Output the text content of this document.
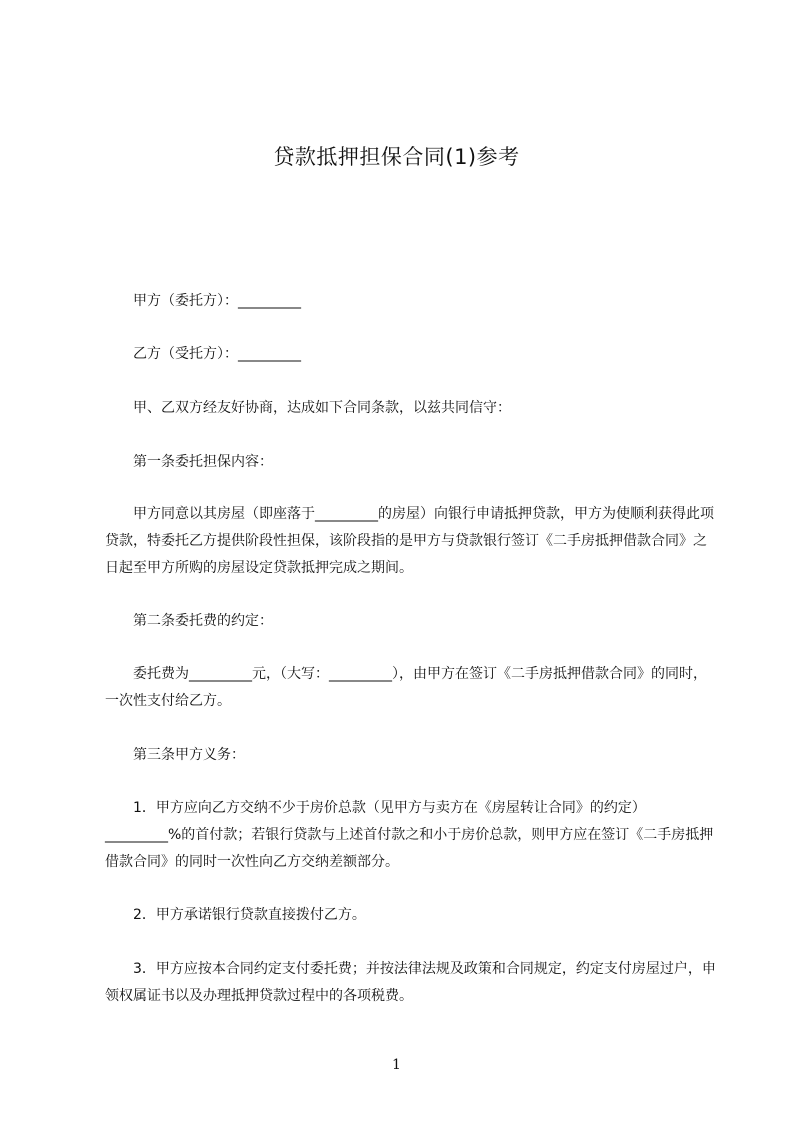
贷款抵押担保合同(1)参考

　　甲方（委托方）：_________

　　乙方（受托方）：_________

　　甲、乙双方经友好协商，达成如下合同条款，以兹共同信守：

　　第一条委托担保内容：

　　甲方同意以其房屋（即座落于_________的房屋）向银行申请抵押贷款，甲方为使顺利获得此项贷款，特委托乙方提供阶段性担保，该阶段指的是甲方与贷款银行签订《二手房抵押借款合同》之日起至甲方所购的房屋设定贷款抵押完成之期间。

　　第二条委托费的约定：

　　委托费为_________元，（大写：_________），由甲方在签订《二手房抵押借款合同》的同时，一次性支付给乙方。

　　第三条甲方义务：

　　1．甲方应向乙方交纳不少于房价总款（见甲方与卖方在《房屋转让合同》的约定）_________%的首付款；若银行贷款与上述首付款之和小于房价总款，则甲方应在签订《二手房抵押借款合同》的同时一次性向乙方交纳差额部分。

　　2．甲方承诺银行贷款直接拨付乙方。

　　3．甲方应按本合同约定支付委托费；并按法律法规及政策和合同规定，约定支付房屋过户，申领权属证书以及办理抵押贷款过程中的各项税费。

1
